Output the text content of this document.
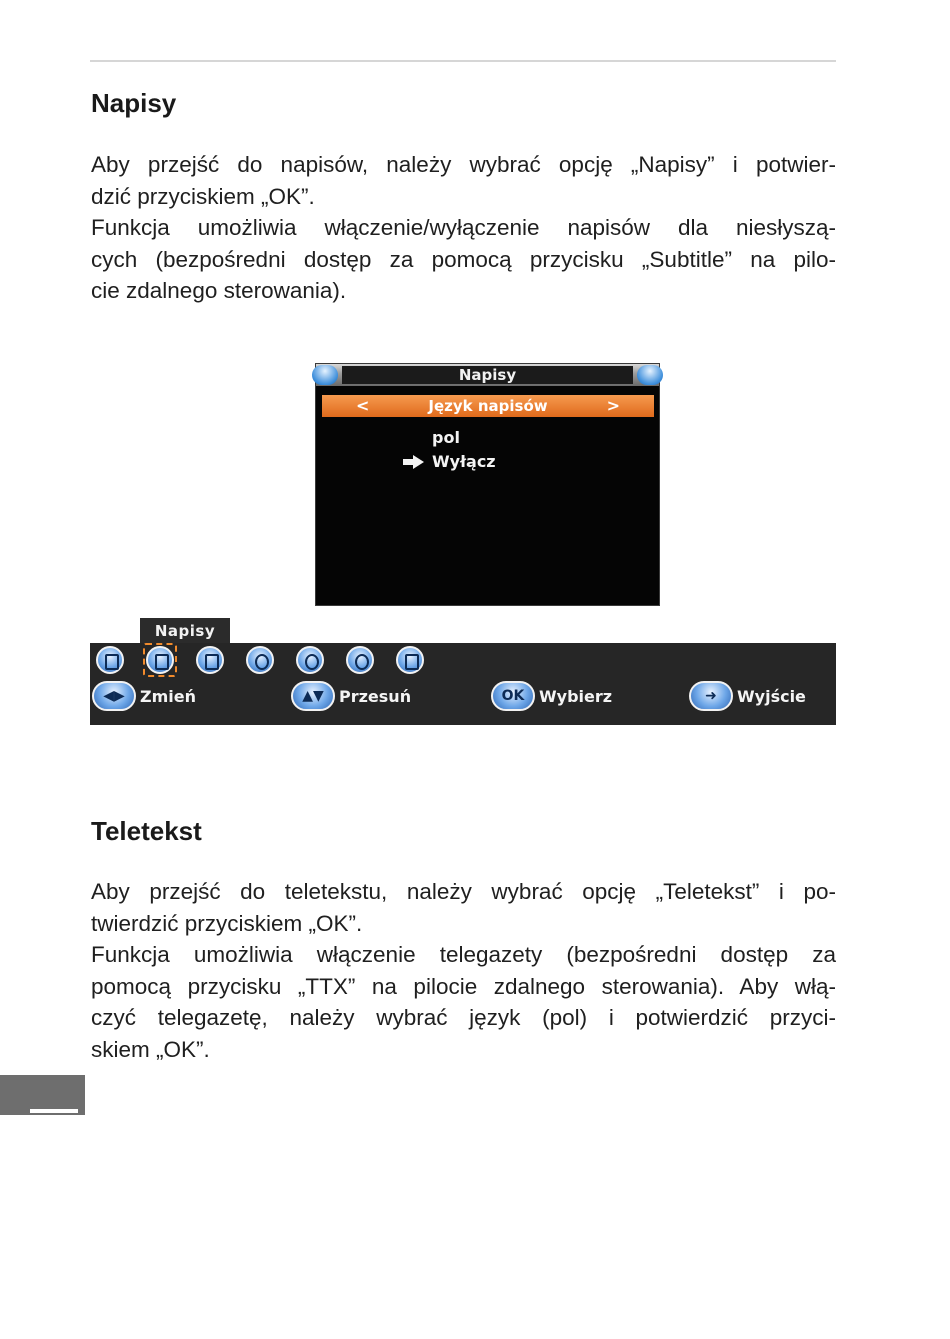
Napisy
Aby przejść do napisów, należy wybrać opcję „Napisy” i potwier-
dzić przyciskiem „OK”.
Funkcja umożliwia włączenie/wyłączenie napisów dla niesłyszą-
cych (bezpośredni dostęp za pomocą przycisku „Subtitle” na pilo-
cie zdalnego sterowania).
Napisy
<	Język napisów	>
pol
Wyłącz
Napisy
◀▶ Zmień	▲▼ Przesuń	OK Wybierz	➜	Wyjście
Teletekst
Aby przejść do teletekstu, należy wybrać opcję „Teletekst” i po-
twierdzić przyciskiem „OK”.
Funkcja umożliwia włączenie telegazety (bezpośredni dostęp za
pomocą przycisku „TTX” na pilocie zdalnego sterowania). Aby włą-
czyć telegazetę, należy wybrać język (pol) i potwierdzić przyci-
skiem „OK”.
